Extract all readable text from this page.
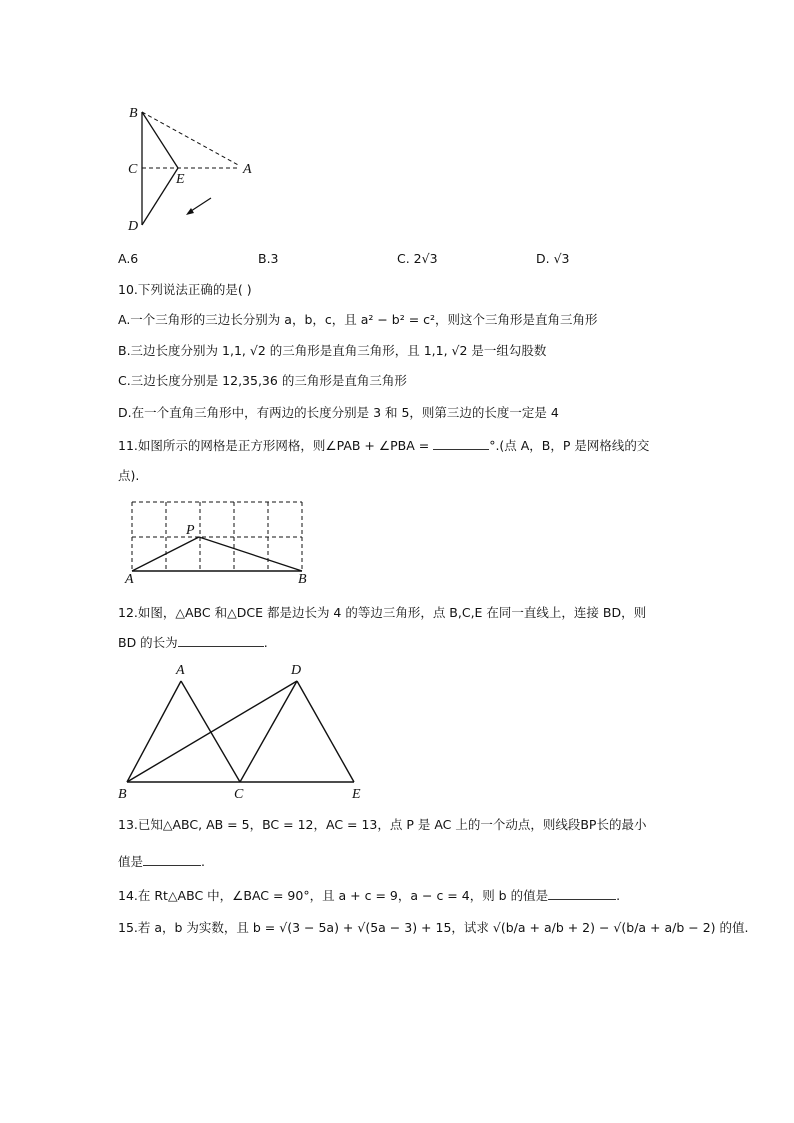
B
C
E
A
D
A.6	B.3	C. 2√3	D. √3
10.下列说法正确的是( )
A.一个三角形的三边长分别为 a，b，c，且 a² − b² = c²，则这个三角形是直角三角形
B.三边长度分别为 1,1, √2 的三角形是直角三角形，且 1,1, √2 是一组勾股数
C.三边长度分别是 12,35,36 的三角形是直角三角形
D.在一个直角三角形中，有两边的长度分别是 3 和 5，则第三边的长度一定是 4
11.如图所示的网格是正方形网格，则∠PAB + ∠PBA =	°.(点 A，B，P 是网格线的交
点).
P
A	B
12.如图，△ABC 和△DCE 都是边长为 4 的等边三角形，点 B,C,E 在同一直线上，连接 BD，则
BD 的长为	.
A	D
B	C	E
13.已知△ABC, AB = 5，BC = 12，AC = 13，点 P 是 AC 上的一个动点，则线段BP长的最小
值是	.
14.在 Rt△ABC 中，∠BAC = 90°，且 a + c = 9，a − c = 4，则 b 的值是	.
15.若 a，b 为实数，且 b = √(3 − 5a) + √(5a − 3) + 15，试求 √(b/a + a/b + 2) − √(b/a + a/b − 2) 的值.
